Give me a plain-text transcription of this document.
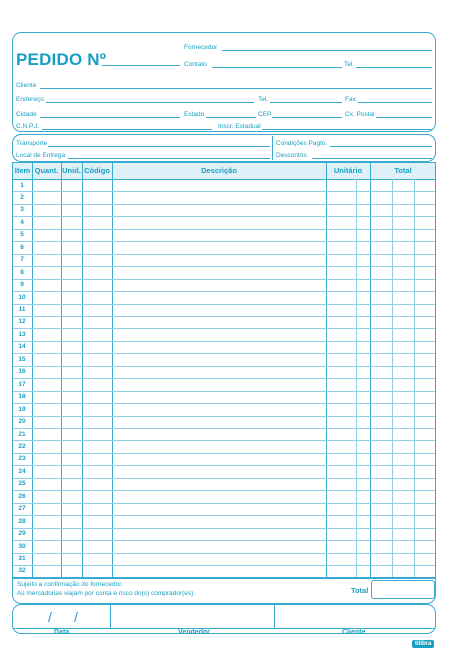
PEDIDO Nº
Fornecedor
Contato	Tel.
Cliente
Endereço	Tel.	Fax
Cidade	Estado	CEP	Cx. Postal
C.N.P.J.	Inscr. Estadual
Transporte	Condições Pagto.
Local de Entrega	Descontos
Item Quant. Unid. Código	Descrição	Unitário	Total
1
2
3
4
5
6
7
8
9
10
11
12
13
14
15
16
17
18
19
20
21
22
23
24
25
26
27
28
29
30
31
32
Sujeito a confirmação do fornecedor.
As mercadorias viajam por conta e risco do(s) comprador(es).	Total
/ /
Data	Vendedor	Cliente
tilibra
